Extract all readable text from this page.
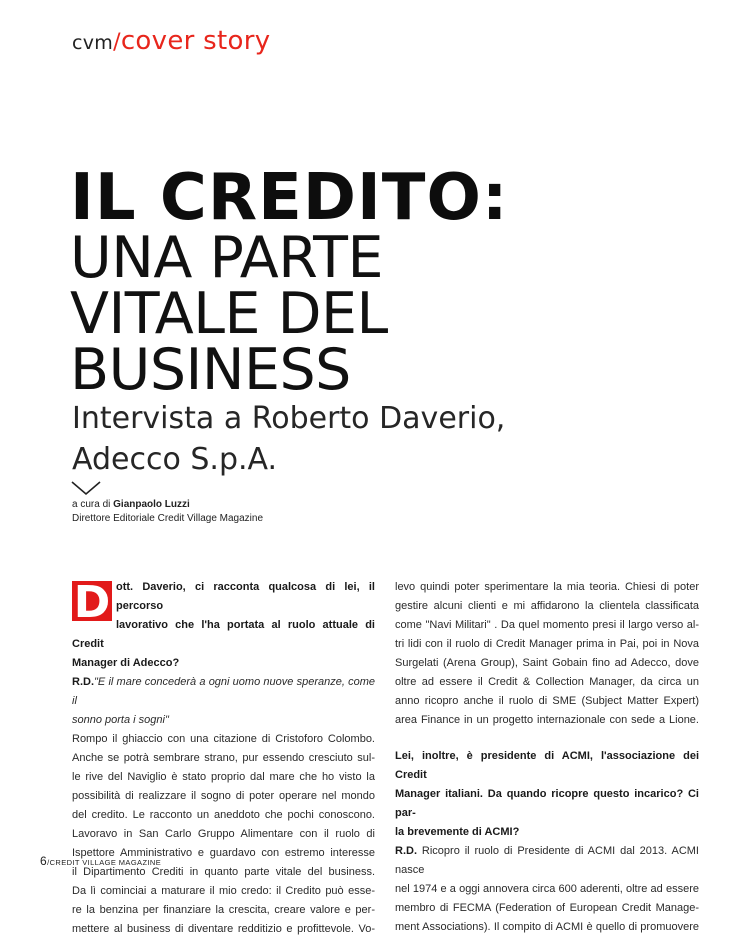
cvm/cover story
IL CREDITO:
UNA PARTE
VITALE DEL
BUSINESS
Intervista a Roberto Daverio,
Adecco S.p.A.
a cura di Gianpaolo Luzzi
Direttore Editoriale Credit Village Magazine
D ott. Daverio, ci racconta qualcosa di lei, il percorso

lavorativo che l'ha portata al ruolo attuale di Credit

Manager di Adecco?

R.D."E il mare concederà a ogni uomo nuove speranze, come il

sonno porta i sogni"

Rompo il ghiaccio con una citazione di Cristoforo Colombo.

Anche se potrà sembrare strano, pur essendo cresciuto sul-

le rive del Naviglio è stato proprio dal mare che ho visto la

possibilità di realizzare il sogno di poter operare nel mondo

del credito. Le racconto un aneddoto che pochi conoscono.

Lavoravo in San Carlo Gruppo Alimentare con il ruolo di

Ispettore Amministrativo e guardavo con estremo interesse

il Dipartimento Crediti in quanto parte vitale del business.

Da lì cominciai a maturare il mio credo: il Credito può esse-

re la benzina per finanziare la crescita, creare valore e per-

mettere al business di diventare redditizio e profittevole. Vo-

levo quindi poter sperimentare la mia teoria. Chiesi di poter

gestire alcuni clienti e mi affidarono la clientela classificata

come "Navi Militari" . Da quel momento presi il largo verso al-

tri lidi con il ruolo di Credit Manager prima in Pai, poi in Nova

Surgelati (Arena Group), Saint Gobain fino ad Adecco, dove

oltre ad essere il Credit & Collection Manager, da circa un

anno ricopro anche il ruolo di SME (Subject Matter Expert)

area Finance in un progetto internazionale con sede a Lione.

Lei, inoltre, è presidente di ACMI, l'associazione dei Credit

Manager italiani. Da quando ricopre questo incarico? Ci par-

la brevemente di ACMI?

R.D. Ricopro il ruolo di Presidente di ACMI dal 2013. ACMI nasce

nel 1974 e a oggi annovera circa 600 aderenti, oltre ad essere

membro di FECMA (Federation of European Credit Manage-

ment Associations). Il compito di ACMI è quello di promuovere

6/CREDIT VILLAGE MAGAZINE
